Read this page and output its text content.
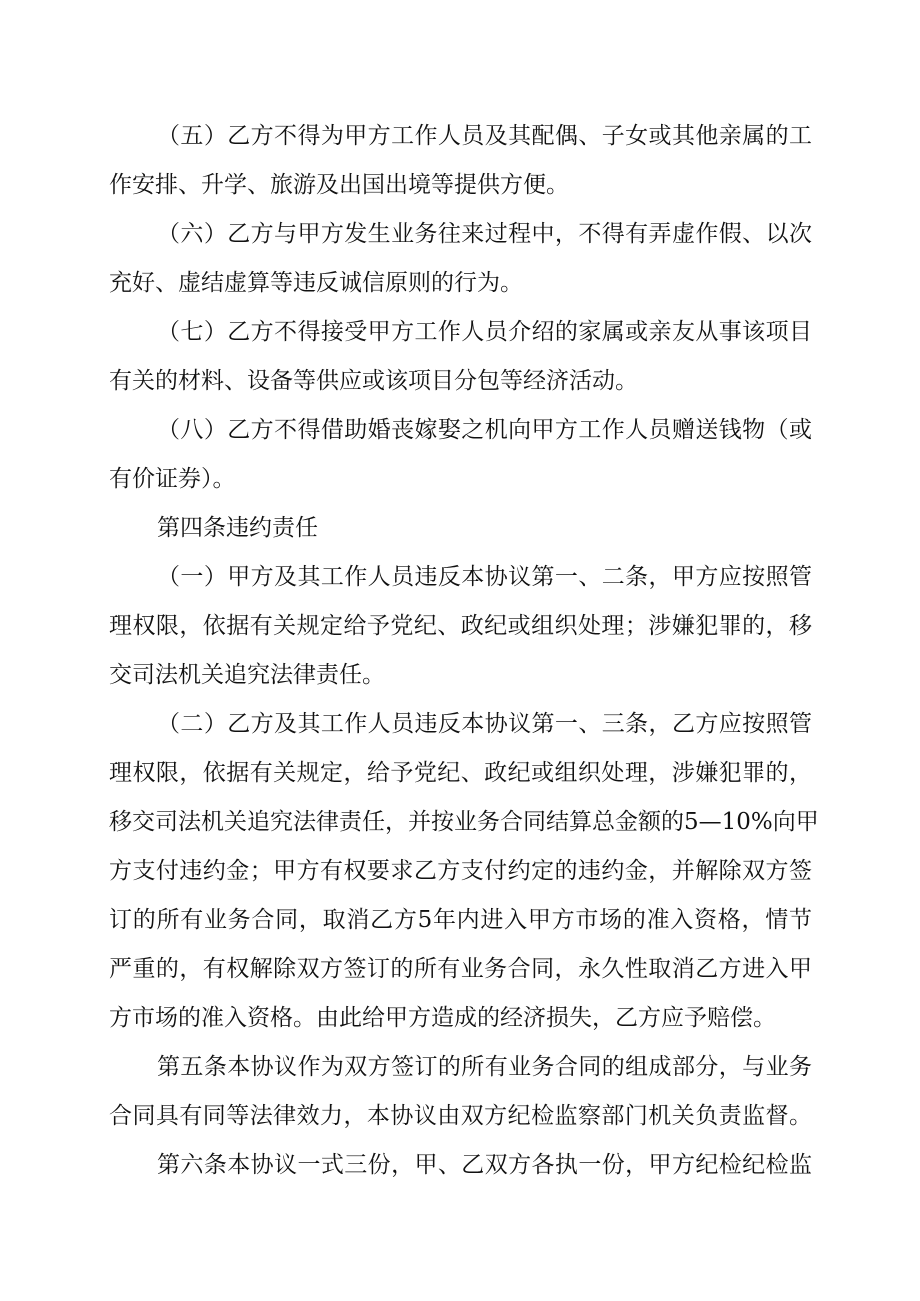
（五）乙方不得为甲方工作人员及其配偶、子女或其他亲属的工
作安排、升学、旅游及出国出境等提供方便。
（六）乙方与甲方发生业务往来过程中，不得有弄虚作假、以次
充好、虚结虚算等违反诚信原则的行为。
（七）乙方不得接受甲方工作人员介绍的家属或亲友从事该项目
有关的材料、设备等供应或该项目分包等经济活动。
（八）乙方不得借助婚丧嫁娶之机向甲方工作人员赠送钱物（或
有价证券）。
第四条违约责任
（一）甲方及其工作人员违反本协议第一、二条，甲方应按照管
理权限，依据有关规定给予党纪、政纪或组织处理；涉嫌犯罪的，移
交司法机关追究法律责任。
（二）乙方及其工作人员违反本协议第一、三条，乙方应按照管
理权限，依据有关规定，给予党纪、政纪或组织处理，涉嫌犯罪的，
移交司法机关追究法律责任，并按业务合同结算总金额的5—10%向甲
方支付违约金；甲方有权要求乙方支付约定的违约金，并解除双方签
订的所有业务合同，取消乙方5年内进入甲方市场的准入资格，情节
严重的，有权解除双方签订的所有业务合同，永久性取消乙方进入甲
方市场的准入资格。由此给甲方造成的经济损失，乙方应予赔偿。
第五条本协议作为双方签订的所有业务合同的组成部分，与业务
合同具有同等法律效力，本协议由双方纪检监察部门机关负责监督。
第六条本协议一式三份，甲、乙双方各执一份，甲方纪检纪检监
